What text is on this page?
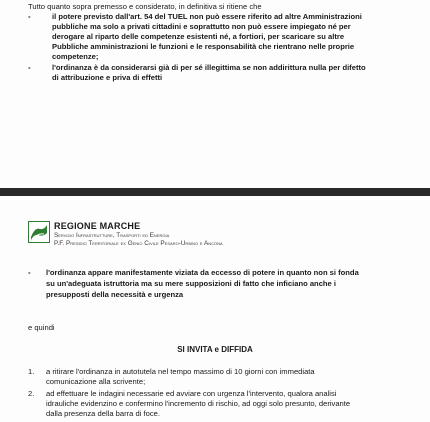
Tutto quanto sopra premesso e considerato, in definitiva si ritiene che
-	il potere previsto dall'art. 54 del TUEL non può essere riferito ad altre Amministrazioni
pubbliche ma solo a privati cittadini e soprattutto non può essere impiegato né per
derogare al riparto delle competenze esistenti né, a fortiori, per scaricare su altre
Pubbliche amministrazioni le funzioni e le responsabilità che rientrano nelle proprie
competenze;
-	l'ordinanza è da considerarsi già di per sé illegittima se non addirittura nulla per difetto
di attribuzione e priva di effetti
REGIONE MARCHE
Servizio Infrastrutture, Trasporti ed Energia
P.F. Presidio Territoriale ex Genio Civile Pesaro-Urbino e Ancona
- l'ordinanza appare manifestamente viziata da eccesso di potere in quanto non si fonda
su un'adeguata istruttoria ma su mere supposizioni di fatto che inficiano anche i
presupposti della necessità e urgenza
e quindi
SI INVITA e DIFFIDA
1. a ritirare l'ordinanza in autotutela nel tempo massimo di 10 giorni con immediata
comunicazione alla scrivente;
2. ad effettuare le indagini necessarie ed avviare con urgenza l'intervento, qualora analisi
idrauliche evidenzino e confermino l'incremento di rischio, ad oggi solo presunto, derivante
dalla presenza della barra di foce.
